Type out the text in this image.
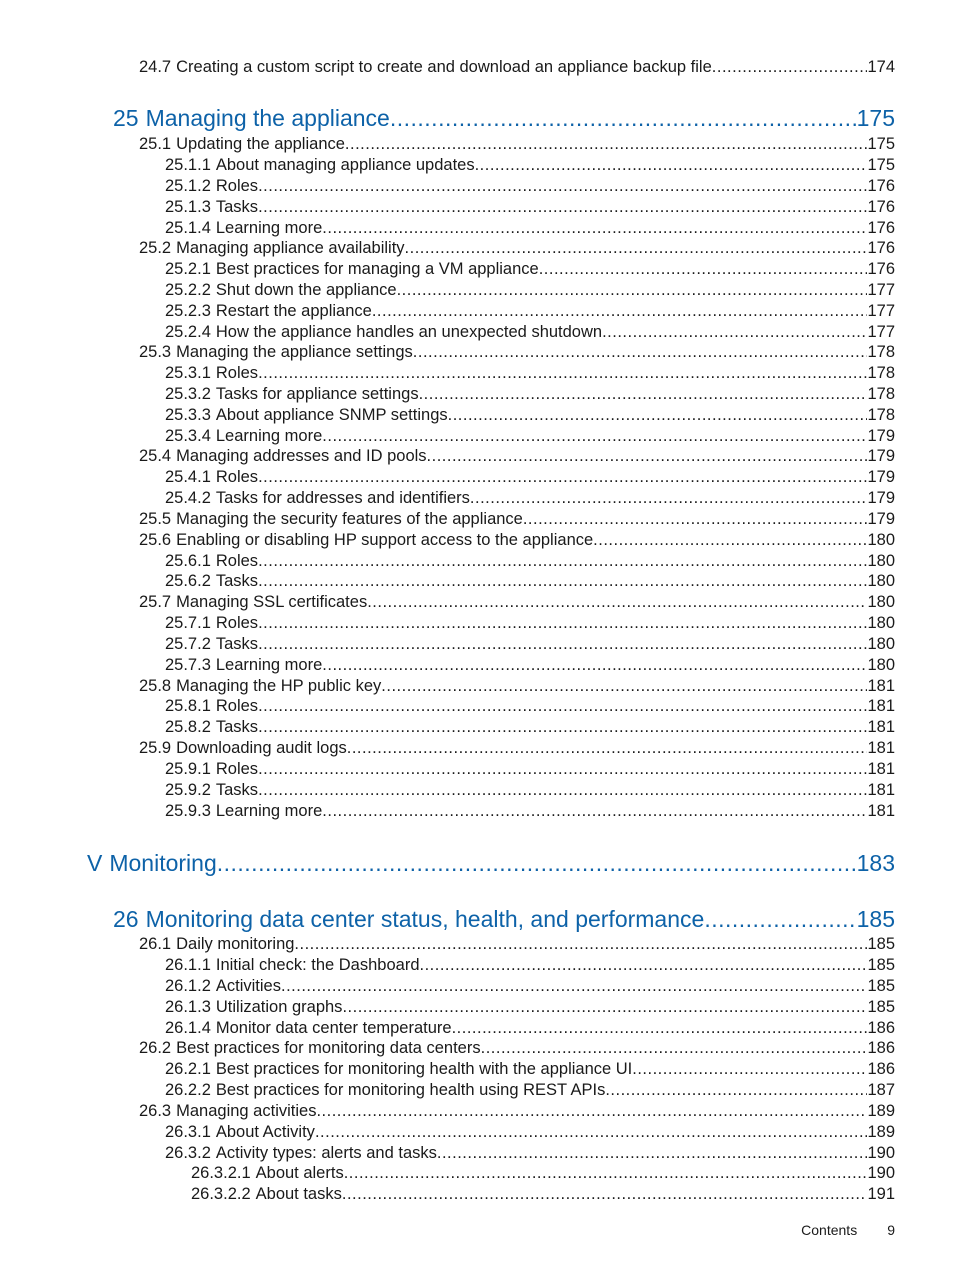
24.7 Creating a custom script to create and download an appliance backup file .....	174
25 Managing the appliance .....	175
25.1 Updating the appliance .....	175
25.1.1 About managing appliance updates .....	175
25.1.2 Roles .....	176
25.1.3 Tasks .....	176
25.1.4 Learning more .....	176
25.2 Managing appliance availability .....	176
25.2.1 Best practices for managing a VM appliance .....	176
25.2.2 Shut down the appliance .....	177
25.2.3 Restart the appliance .....	177
25.2.4 How the appliance handles an unexpected shutdown .....	177
25.3 Managing the appliance settings .....	178
25.3.1 Roles .....	178
25.3.2 Tasks for appliance settings .....	178
25.3.3 About appliance SNMP settings .....	178
25.3.4 Learning more .....	179
25.4 Managing addresses and ID pools .....	179
25.4.1 Roles .....	179
25.4.2 Tasks for addresses and identifiers .....	179
25.5 Managing the security features of the appliance .....	179
25.6 Enabling or disabling HP support access to the appliance .....	180
25.6.1 Roles .....	180
25.6.2 Tasks .....	180
25.7 Managing SSL certificates .....	180
25.7.1 Roles .....	180
25.7.2 Tasks .....	180
25.7.3 Learning more .....	180
25.8 Managing the HP public key .....	181
25.8.1 Roles .....	181
25.8.2 Tasks .....	181
25.9 Downloading audit logs .....	181
25.9.1 Roles .....	181
25.9.2 Tasks .....	181
25.9.3 Learning more .....	181
V Monitoring .....	183
26 Monitoring data center status, health, and performance .....	185
26.1 Daily monitoring .....	185
26.1.1 Initial check: the Dashboard .....	185
26.1.2 Activities .....	185
26.1.3 Utilization graphs .....	185
26.1.4 Monitor data center temperature .....	186
26.2 Best practices for monitoring data centers .....	186
26.2.1 Best practices for monitoring health with the appliance UI .....	186
26.2.2 Best practices for monitoring health using REST APIs .....	187
26.3 Managing activities .....	189
26.3.1 About Activity .....	189
26.3.2 Activity types: alerts and tasks .....	190
26.3.2.1 About alerts .....	190
26.3.2.2 About tasks .....	191
Contents 9
